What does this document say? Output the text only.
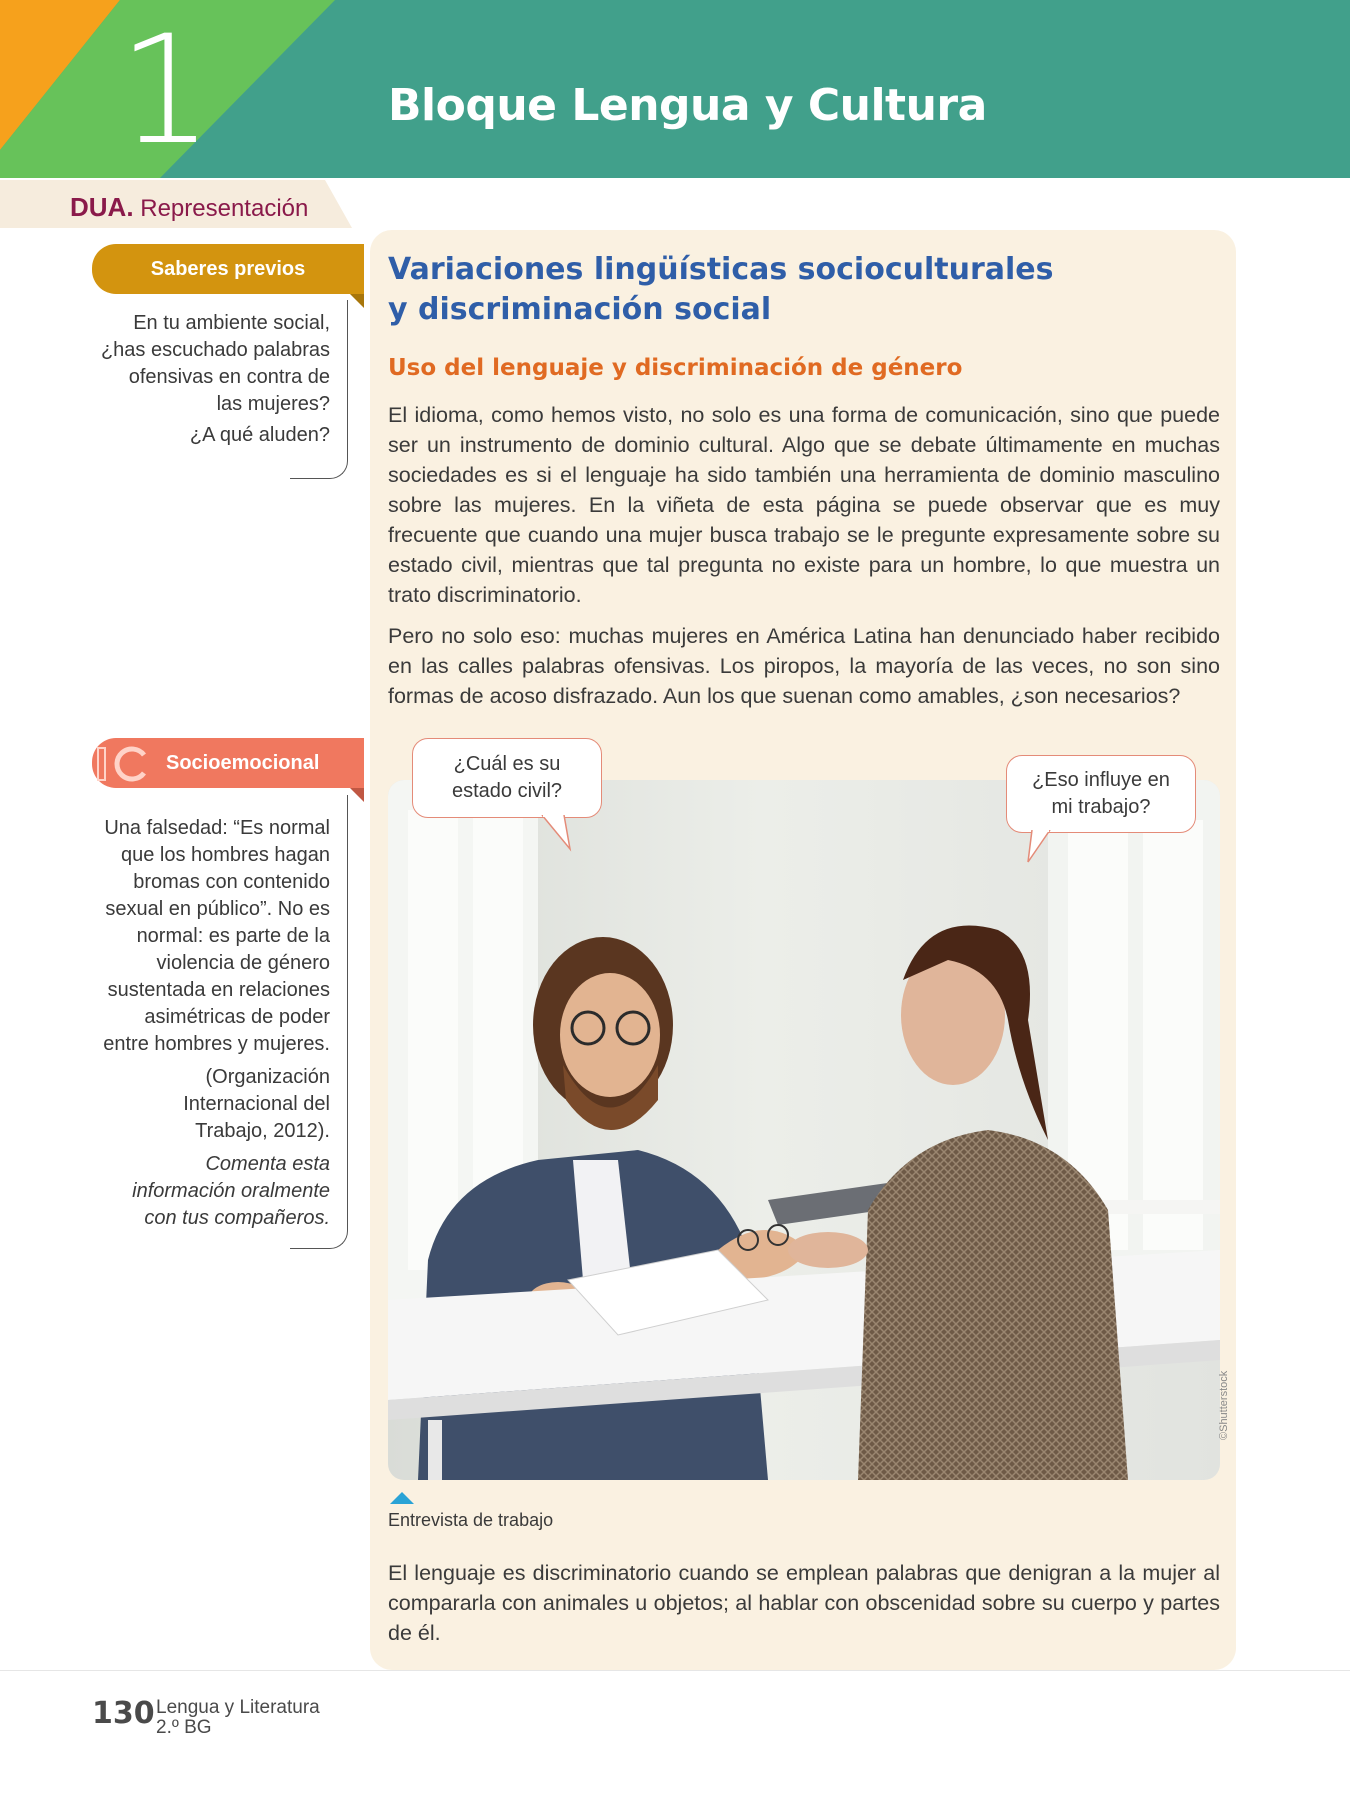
1	Bloque Lengua y Cultura
DUA. Representación
Saberes previos
En tu ambiente social,
¿has escuchado palabras
ofensivas en contra de
las mujeres?
¿A qué aluden?
Socioemocional
Una falsedad: “Es normal
que los hombres hagan
bromas con contenido
sexual en público”. No es
normal: es parte de la
violencia de género
sustentada en relaciones
asimétricas de poder
entre hombres y mujeres.
(Organización
Internacional del
Trabajo, 2012).
Comenta esta
información oralmente
con tus compañeros.
Variaciones lingüísticas socioculturales
y discriminación social
Uso del lenguaje y discriminación de género
El idioma, como hemos visto, no solo es una forma de comunicación, sino que puede ser un instrumento de dominio cultural. Algo que se debate últimamente en muchas sociedades es si el lenguaje ha sido también una herramienta de dominio masculino sobre las mujeres. En la viñeta de esta página se puede observar que es muy frecuente que cuando una mujer busca trabajo se le pregunte expresamente sobre su estado civil, mientras que tal pregunta no existe para un hombre, lo que muestra un trato discriminatorio.
Pero no solo eso: muchas mujeres en América Latina han denunciado haber recibido en las calles palabras ofensivas. Los piropos, la mayoría de las veces, no son sino formas de acoso disfrazado. Aun los que suenan como amables, ¿son necesarios?
¿Cuál es su
estado civil?	¿Eso influye en
mi trabajo?
©Shutterstock
Entrevista de trabajo
El lenguaje es discriminatorio cuando se emplean palabras que denigran a la mujer al compararla con animales u objetos; al hablar con obscenidad sobre su cuerpo y partes de él.
130 Lengua y Literatura
2.º BG
